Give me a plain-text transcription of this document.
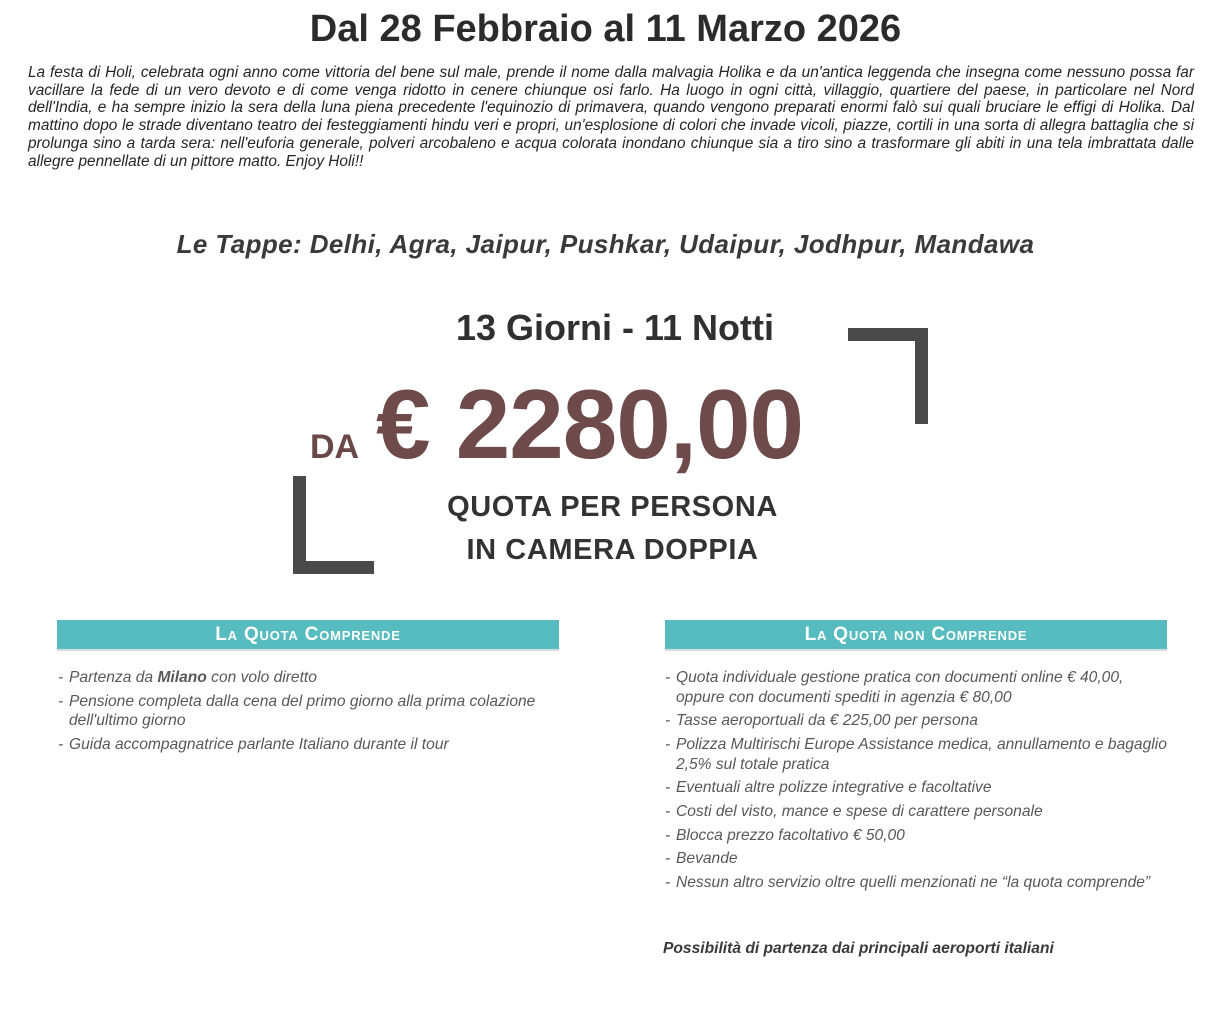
Dal 28 Febbraio al 11 Marzo 2026

La festa di Holi, celebrata ogni anno come vittoria del bene sul male, prende il nome dalla malvagia Holika e da un'antica leggenda che insegna come nessuno possa far vacillare la fede di un vero devoto e di come venga ridotto in cenere chiunque osi farlo. Ha luogo in ogni città, villaggio, quartiere del paese, in particolare nel Nord dell'India, e ha sempre inizio la sera della luna piena precedente l'equinozio di primavera, quando vengono preparati enormi falò sui quali bruciare le effigi di Holika. Dal mattino dopo le strade diventano teatro dei festeggiamenti hindu veri e propri, un'esplosione di colori che invade vicoli, piazze, cortili in una sorta di allegra battaglia che si prolunga sino a tarda sera: nell'euforia generale, polveri arcobaleno e acqua colorata inondano chiunque sia a tiro sino a trasformare gli abiti in una tela imbrattata dalle allegre pennellate di un pittore matto. Enjoy Holi!!

Le Tappe: Delhi, Agra, Jaipur, Pushkar, Udaipur, Jodhpur, Mandawa
13 Giorni - 11 Notti
DA € 2280,00
QUOTA PER PERSONA
IN CAMERA DOPPIA
La Quota Comprende	La Quota non Comprende
- Partenza da Milano con volo diretto
- Pensione completa dalla cena del primo giorno alla prima colazione dell'ultimo giorno
- Guida accompagnatrice parlante Italiano durante il tour
- Quota individuale gestione pratica con documenti online € 40,00, oppure con documenti spediti in agenzia € 80,00
- Tasse aeroportuali da € 225,00 per persona
- Polizza Multirischi Europe Assistance medica, annullamento e bagaglio 2,5% sul totale pratica
- Eventuali altre polizze integrative e facoltative
- Costi del visto, mance e spese di carattere personale
- Blocca prezzo facoltativo € 50,00
- Bevande
- Nessun altro servizio oltre quelli menzionati ne “la quota comprende”
Possibilità di partenza dai principali aeroporti italiani
